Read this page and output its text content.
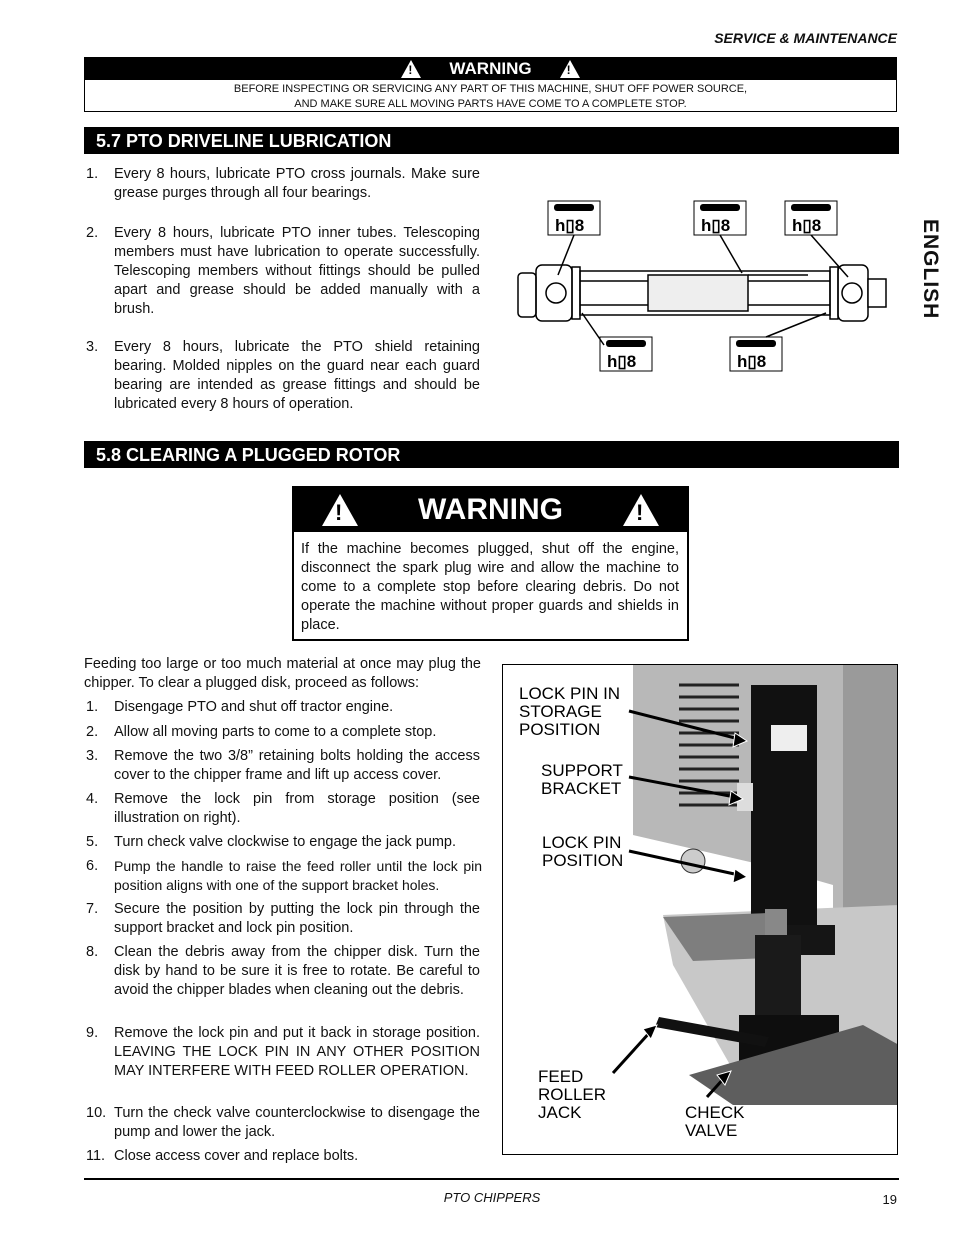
SERVICE & MAINTENANCE
!
WARNING
!
BEFORE INSPECTING OR SERVICING ANY PART OF THIS MACHINE, SHUT OFF POWER SOURCE,
AND MAKE SURE ALL MOVING PARTS HAVE COME TO A COMPLETE STOP.
5.7 PTO DRIVELINE LUBRICATION
1. Every 8 hours, lubricate PTO cross journals. Make sure grease purges through all four bearings.
2. Every 8 hours, lubricate PTO inner tubes. Telescoping members must have lubrication to operate successfully. Telescoping members without fittings should be pulled apart and grease should be added manually with a brush.
3. Every 8 hours, lubricate the PTO shield retaining bearing. Molded nipples on the guard near each guard bearing are intended as grease fittings and should be lubricated every 8 hours of operation.
h▯8	h▯8	h▯8
h▯8	h▯8
ENGLISH
5.8 CLEARING A PLUGGED ROTOR
!
WARNING
!
If the machine becomes plugged, shut off the engine, disconnect the spark plug wire and allow the machine to come to a complete stop before clearing debris. Do not operate the machine without proper guards and shields in place.
Feeding too large or too much material at once may plug the chipper. To clear a plugged disk, proceed as follows:
1. Disengage PTO and shut off tractor engine.
2. Allow all moving parts to come to a complete stop.
3. Remove the two 3/8” retaining bolts holding the access cover to the chipper frame and lift up access cover.
4. Remove the lock pin from storage position (see illustration on right).
5. Turn check valve clockwise to engage the jack pump.
6. Pump the handle to raise the feed roller until the lock pin position aligns with one of the support bracket holes.
7. Secure the position by putting the lock pin through the support bracket and lock pin position.
8. Clean the debris away from the chipper disk. Turn the disk by hand to be sure it is free to rotate. Be careful to avoid the chipper blades when cleaning out the debris.
9. Remove the lock pin and put it back in storage position. LEAVING THE LOCK PIN IN ANY OTHER POSITION MAY INTERFERE WITH FEED ROLLER OPERATION.
10. Turn the check valve counterclockwise to disengage the pump and lower the jack.
11. Close access cover and replace bolts.
LOCK PIN IN
STORAGE
POSITION
SUPPORT
BRACKET
LOCK PIN
POSITION
FEED
ROLLER
JACK	CHECK
VALVE
PTO CHIPPERS	19
